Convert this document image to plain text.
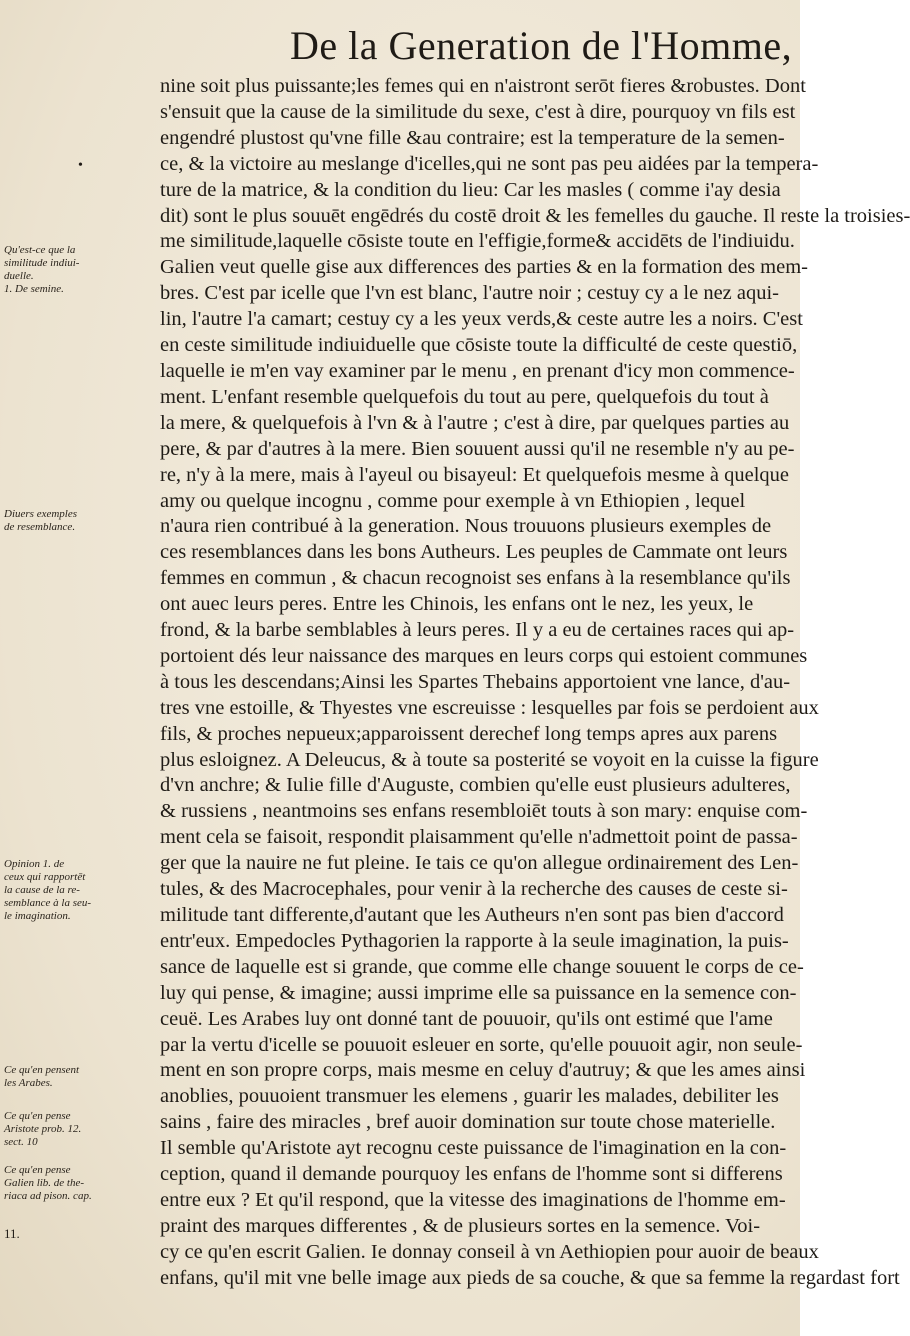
De la Generation de l'Homme,
•
Qu'est-ce que la
similitude indiui-
duelle.
1. De semine.
Diuers exemples
de resemblance.
Opinion 1. de
ceux qui rapportēt
la cause de la re-
semblance à la seu-
le imagination.
Ce qu'en pensent
les Arabes.
Ce qu'en pense
Aristote prob. 12.
sect. 10
Ce qu'en pense
Galien lib. de the-
riaca ad pison. cap.
11.
nine soit plus puissante;les femes qui en n'aistront serōt fieres &robustes. Dont
s'ensuit que la cause de la similitude du sexe, c'est à dire, pourquoy vn fils est
engendré plustost qu'vne fille &au contraire; est la temperature de la semen-
ce, & la victoire au meslange d'icelles,qui ne sont pas peu aidées par la tempera-
ture de la matrice, & la condition du lieu: Car les masles ( comme i'ay desia
dit) sont le plus souuēt engēdrés du costē droit & les femelles du gauche. Il reste la troisies-
me similitude,laquelle cōsiste toute en l'effigie,forme& accidēts de l'indiuidu.
Galien veut quelle gise aux differences des parties & en la formation des mem-
bres. C'est par icelle que l'vn est blanc, l'autre noir ; cestuy cy a le nez aqui-
lin, l'autre l'a camart; cestuy cy a les yeux verds,& ceste autre les a noirs. C'est
en ceste similitude indiuiduelle que cōsiste toute la difficulté de ceste questiō,
laquelle ie m'en vay examiner par le menu , en prenant d'icy mon commence-
ment. L'enfant resemble quelquefois du tout au pere, quelquefois du tout à
la mere, & quelquefois à l'vn & à l'autre ; c'est à dire, par quelques parties au
pere, & par d'autres à la mere. Bien souuent aussi qu'il ne resemble n'y au pe-
re, n'y à la mere, mais à l'ayeul ou bisayeul: Et quelquefois mesme à quelque
amy ou quelque incognu , comme pour exemple à vn Ethiopien , lequel
n'aura rien contribué à la generation. Nous trouuons plusieurs exemples de
ces resemblances dans les bons Autheurs. Les peuples de Cammate ont leurs
femmes en commun , & chacun recognoist ses enfans à la resemblance qu'ils
ont auec leurs peres. Entre les Chinois, les enfans ont le nez, les yeux, le
frond, & la barbe semblables à leurs peres. Il y a eu de certaines races qui ap-
portoient dés leur naissance des marques en leurs corps qui estoient communes
à tous les descendans;Ainsi les Spartes Thebains apportoient vne lance, d'au-
tres vne estoille, & Thyestes vne escreuisse : lesquelles par fois se perdoient aux
fils, & proches nepueux;apparoissent derechef long temps apres aux parens
plus esloignez. A Deleucus, & à toute sa posterité se voyoit en la cuisse la figure
d'vn anchre; & Iulie fille d'Auguste, combien qu'elle eust plusieurs adulteres,
& russiens , neantmoins ses enfans resembloiēt touts à son mary: enquise com-
ment cela se faisoit, respondit plaisamment qu'elle n'admettoit point de passa-
ger que la nauire ne fut pleine. Ie tais ce qu'on allegue ordinairement des Len-
tules, & des Macrocephales, pour venir à la recherche des causes de ceste si-
militude tant differente,d'autant que les Autheurs n'en sont pas bien d'accord
entr'eux. Empedocles Pythagorien la rapporte à la seule imagination, la puis-
sance de laquelle est si grande, que comme elle change souuent le corps de ce-
luy qui pense, & imagine; aussi imprime elle sa puissance en la semence con-
ceuë. Les Arabes luy ont donné tant de pouuoir, qu'ils ont estimé que l'ame
par la vertu d'icelle se pouuoit esleuer en sorte, qu'elle pouuoit agir, non seule-
ment en son propre corps, mais mesme en celuy d'autruy; & que les ames ainsi
anoblies, pouuoient transmuer les elemens , guarir les malades, debiliter les
sains , faire des miracles , bref auoir domination sur toute chose materielle.
Il semble qu'Aristote ayt recognu ceste puissance de l'imagination en la con-
ception, quand il demande pourquoy les enfans de l'homme sont si differens
entre eux ? Et qu'il respond, que la vitesse des imaginations de l'homme em-
praint des marques differentes , & de plusieurs sortes en la semence. Voi-
cy ce qu'en escrit Galien. Ie donnay conseil à vn Aethiopien pour auoir de beaux
enfans, qu'il mit vne belle image aux pieds de sa couche, & que sa femme la regardast fort
